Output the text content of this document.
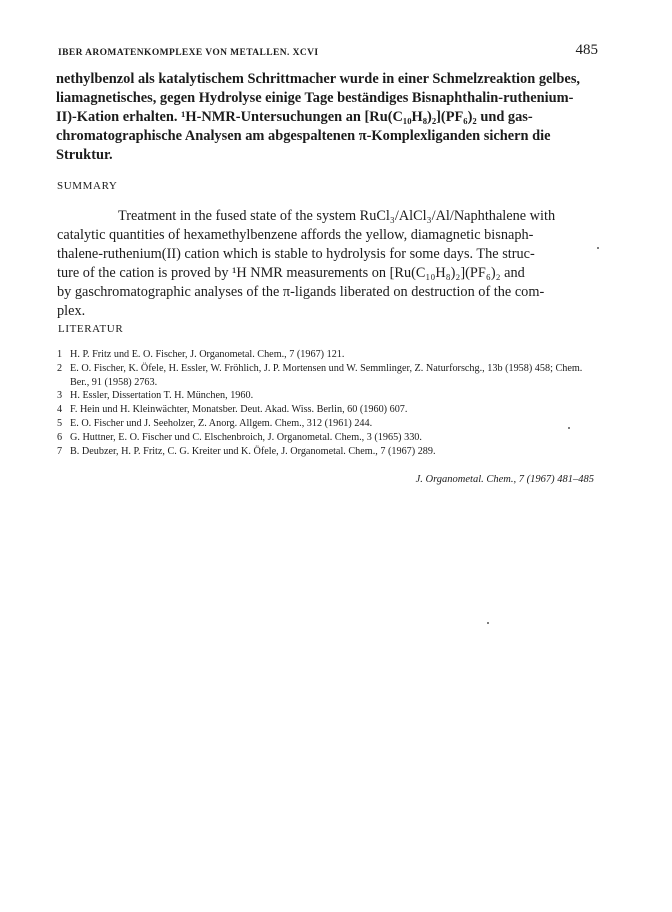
IBER AROMATENKOMPLEXE VON METALLEN. XCVI	485
nethylbenzol als katalytischem Schrittmacher wurde in einer Schmelzreaktion gelbes,
liamagnetisches, gegen Hydrolyse einige Tage beständiges Bisnaphthalin-ruthenium-
II)-Kation erhalten. ¹H-NMR-Untersuchungen an [Ru(C₁₀H₈)₂](PF₆)₂ und gas-
chromatographische Analysen am abgespaltenen π-Komplexliganden sichern die
Struktur.
SUMMARY
Treatment in the fused state of the system RuCl₃/AlCl₃/Al/Naphthalene with
catalytic quantities of hexamethylbenzene affords the yellow, diamagnetic bisnaph-
thalene-ruthenium(II) cation which is stable to hydrolysis for some days. The struc-
ture of the cation is proved by ¹H NMR measurements on [Ru(C₁₀H₈)₂](PF₆)₂ and
by gaschromatographic analyses of the π-ligands liberated on destruction of the com-
plex.
LITERATUR
1 H. P. Fritz und E. O. Fischer, J. Organometal. Chem., 7 (1967) 121.
2 E. O. Fischer, K. Öfele, H. Essler, W. Fröhlich, J. P. Mortensen und W. Semmlinger, Z. Naturforschg., 13b (1958) 458; Chem. Ber., 91 (1958) 2763.
3 H. Essler, Dissertation T. H. München, 1960.
4 F. Hein und H. Kleinwächter, Monatsber. Deut. Akad. Wiss. Berlin, 60 (1960) 607.
5 E. O. Fischer und J. Seeholzer, Z. Anorg. Allgem. Chem., 312 (1961) 244.
6 G. Huttner, E. O. Fischer und C. Elschenbroich, J. Organometal. Chem., 3 (1965) 330.
7 B. Deubzer, H. P. Fritz, C. G. Kreiter und K. Öfele, J. Organometal. Chem., 7 (1967) 289.
J. Organometal. Chem., 7 (1967) 481–485
